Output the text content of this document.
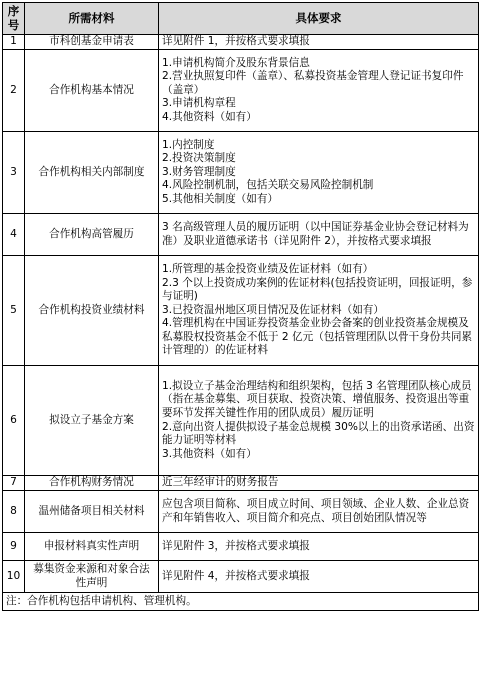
序号	所需材料	具体要求
1	市科创基金申请表	详见附件 1，并按格式要求填报

2	合作机构基本情况	1.申请机构简介及股东背景信息
2.营业执照复印件（盖章）、私募投资基金管理人登记证书复印件（盖章）
3.申请机构章程
4.其他资料（如有）

3	合作机构相关内部制度	1.内控制度
2.投资决策制度
3.财务管理制度
4.风险控制机制，包括关联交易风险控制机制
5.其他相关制度（如有）

4	合作机构高管履历	3 名高级管理人员的履历证明（以中国证券基金业协会登记材料为准）及职业道德承诺书（详见附件 2），并按格式要求填报

5	合作机构投资业绩材料	1.所管理的基金投资业绩及佐证材料（如有）
2.3 个以上投资成功案例的佐证材料(包括投资证明，回报证明，参与证明)
3.已投资温州地区项目情况及佐证材料（如有）
4.管理机构在中国证券投资基金业协会备案的创业投资基金规模及私募股权投资基金不低于 2 亿元（包括管理团队以骨干身份共同累计管理的）的佐证材料

6	拟设立子基金方案	1.拟设立子基金治理结构和组织架构，包括 3 名管理团队核心成员（指在基金募集、项目获取、投资决策、增值服务、投资退出等重要环节发挥关键性作用的团队成员）履历证明
2.意向出资人提供拟设子基金总规模 30%以上的出资承诺函、出资能力证明等材料
3.其他资料（如有）

7	合作机构财务情况	近三年经审计的财务报告

8	温州储备项目相关材料	应包含项目简称、项目成立时间、项目领域、企业人数、企业总资产和年销售收入、项目简介和亮点、项目创始团队情况等

9	申报材料真实性声明	详见附件 3，并按格式要求填报

10	募集资金来源和对象合法性声明	详见附件 4，并按格式要求填报

注：合作机构包括申请机构、管理机构。		
